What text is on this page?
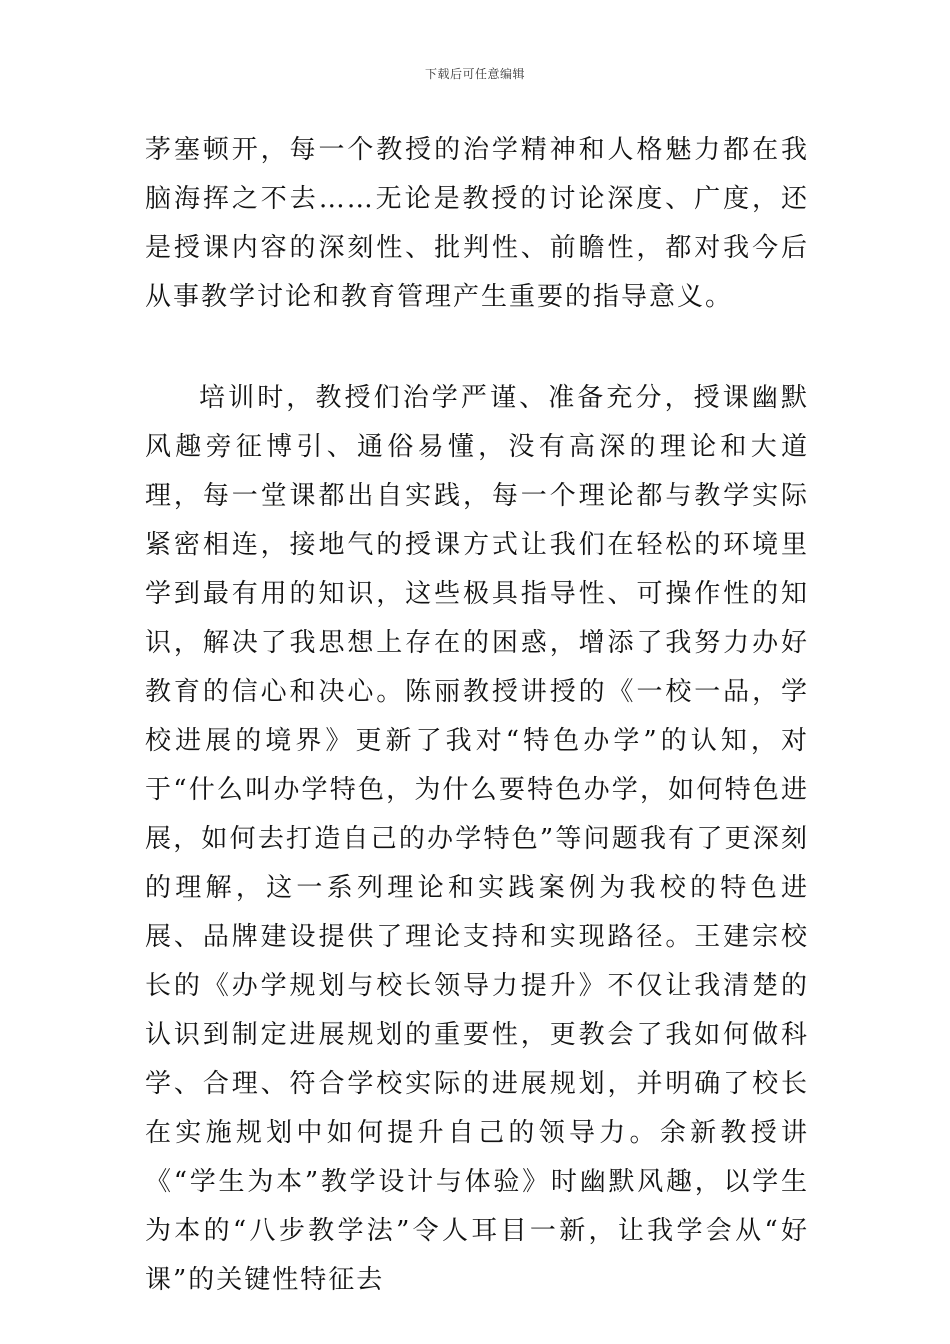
下载后可任意编辑

茅塞顿开，每一个教授的治学精神和人格魅力都在我脑海挥之不去……无论是教授的讨论深度、广度，还是授课内容的深刻性、批判性、前瞻性，都对我今后从事教学讨论和教育管理产生重要的指导意义。

培训时，教授们治学严谨、准备充分，授课幽默风趣旁征博引、通俗易懂，没有高深的理论和大道理，每一堂课都出自实践，每一个理论都与教学实际紧密相连，接地气的授课方式让我们在轻松的环境里学到最有用的知识，这些极具指导性、可操作性的知识，解决了我思想上存在的困惑，增添了我努力办好教育的信心和决心。陈丽教授讲授的《一校一品，学校进展的境界》更新了我对“特色办学”的认知，对于“什么叫办学特色，为什么要特色办学，如何特色进展，如何去打造自己的办学特色”等问题我有了更深刻的理解，这一系列理论和实践案例为我校的特色进展、品牌建设提供了理论支持和实现路径。王建宗校长的《办学规划与校长领导力提升》不仅让我清楚的认识到制定进展规划的重要性，更教会了我如何做科学、合理、符合学校实际的进展规划，并明确了校长在实施规划中如何提升自己的领导力。余新教授讲《“学生为本”教学设计与体验》时幽默风趣，以学生为本的“八步教学法”令人耳目一新，让我学会从“好课”的关键性特征去
